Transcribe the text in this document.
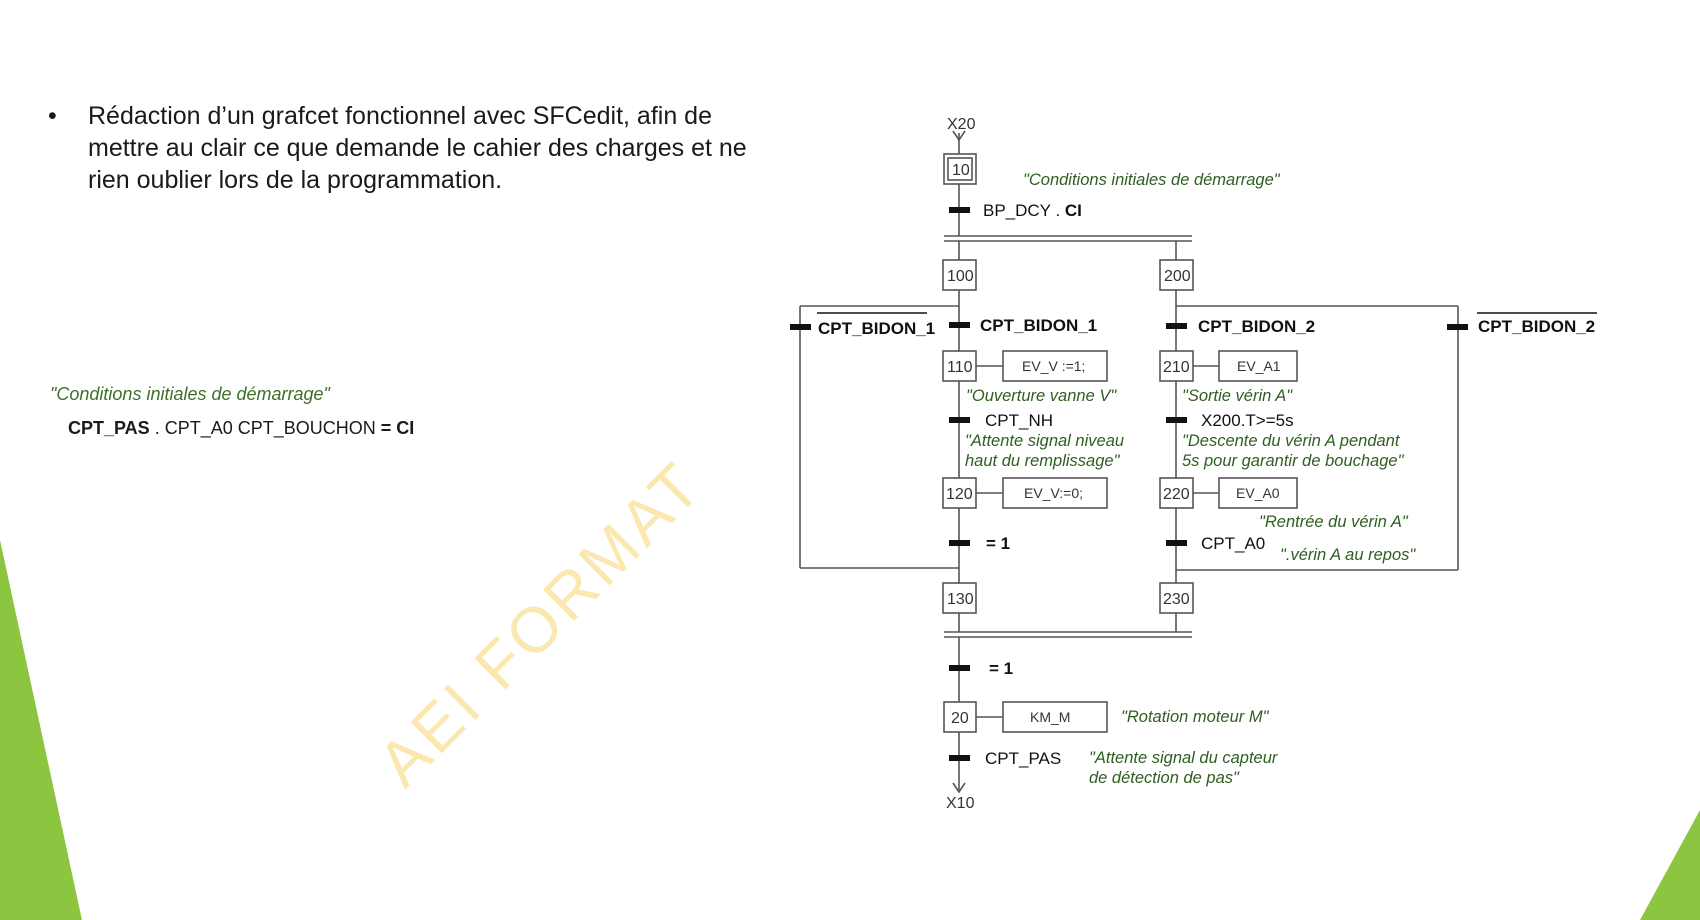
AEI FORMAT
• Rédaction d’un grafcet fonctionnel avec SFCedit, afin de mettre au clair ce que demande le cahier des charges et ne rien oublier lors de la programmation.
"Conditions initiales de démarrage"
CPT_PAS . CPT_A0 CPT_BOUCHON = CI
X20
10
"Conditions initiales de démarrage"
BP_DCY . CI
100	200
CPT_BIDON_1	CPT_BIDON_1
110	EV_V :=1;
"Ouverture vanne V"
CPT_NH
"Attente signal niveau
haut du remplissage"
120	EV_V:=0;
= 1
130
CPT_BIDON_2
CPT_BIDON_2
210	EV_A1
"Sortie vérin A"
X200.T>=5s
"Descente du vérin A pendant
5s pour garantir de bouchage"
220	EV_A0
"Rentrée du vérin A"
CPT_A0
".vérin A au repos"
230
= 1
20	KM_M	"Rotation moteur M"
CPT_PAS "Attente signal du capteur
de détection de pas"
X10
